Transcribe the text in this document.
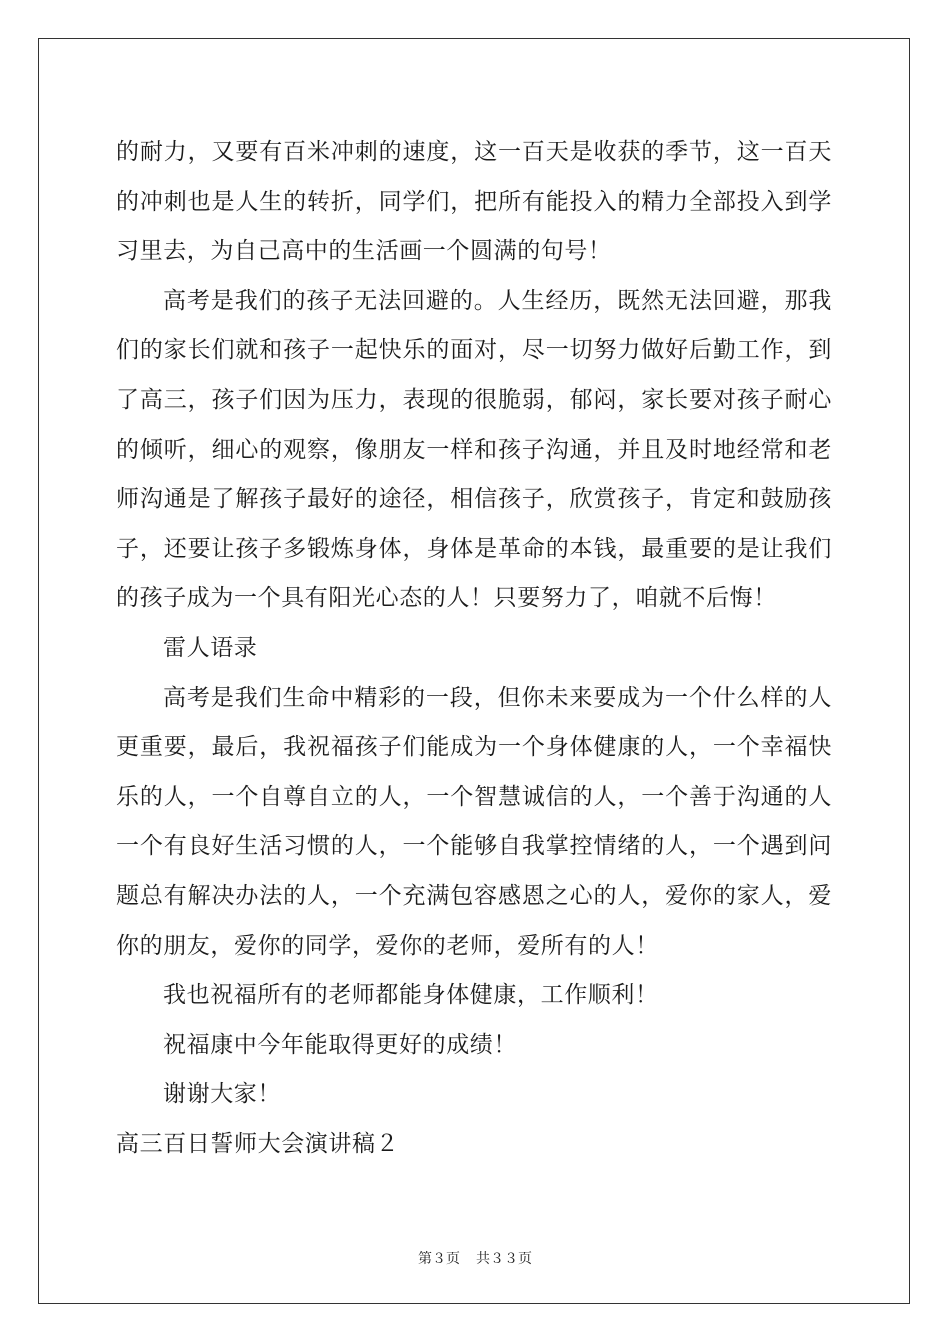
的耐力，又要有百米冲刺的速度，这一百天是收获的季节，这一百天
的冲刺也是人生的转折，同学们，把所有能投入的精力全部投入到学
习里去，为自己高中的生活画一个圆满的句号！
高考是我们的孩子无法回避的。人生经历，既然无法回避，那我
们的家长们就和孩子一起快乐的面对，尽一切努力做好后勤工作，到
了高三，孩子们因为压力，表现的很脆弱，郁闷，家长要对孩子耐心
的倾听，细心的观察，像朋友一样和孩子沟通，并且及时地经常和老
师沟通是了解孩子最好的途径，相信孩子，欣赏孩子，肯定和鼓励孩
子，还要让孩子多锻炼身体，身体是革命的本钱，最重要的是让我们
的孩子成为一个具有阳光心态的人！只要努力了，咱就不后悔！
雷人语录
高考是我们生命中精彩的一段，但你未来要成为一个什么样的人
更重要，最后，我祝福孩子们能成为一个身体健康的人，一个幸福快
乐的人，一个自尊自立的人，一个智慧诚信的人，一个善于沟通的人
一个有良好生活习惯的人，一个能够自我掌控情绪的人，一个遇到问
题总有解决办法的人，一个充满包容感恩之心的人，爱你的家人，爱
你的朋友，爱你的同学，爱你的老师，爱所有的人！
我也祝福所有的老师都能身体健康，工作顺利！
祝福康中今年能取得更好的成绩！
谢谢大家！
高三百日誓师大会演讲稿２
第３页 共３３页
